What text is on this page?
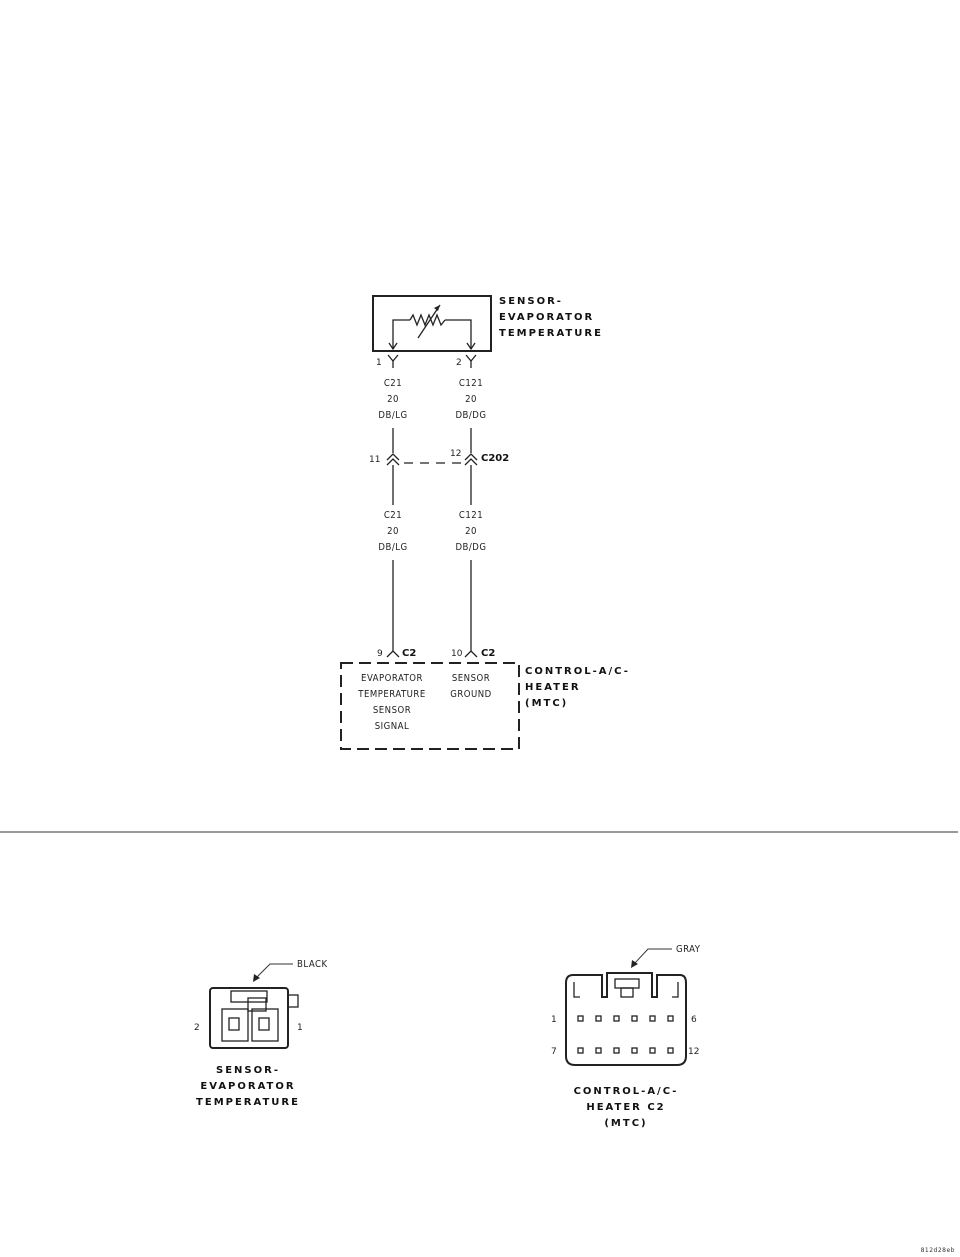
SENSOR-
EVAPORATOR
TEMPERATURE
1	2
C21
20
DB/LG
C121
20
DB/DG
11
12 C202
C21
20
DB/LG
C121
20
DB/DG
9 C2	10 C2
EVAPORATOR
TEMPERATURE
SENSOR
SIGNAL
SENSOR
GROUND
CONTROL-A/C-
HEATER
(MTC)
BLACK
2	1
SENSOR-
EVAPORATOR
TEMPERATURE
GRAY
1	6
7	12
CONTROL-A/C-
HEATER C2
(MTC)
812d28eb
